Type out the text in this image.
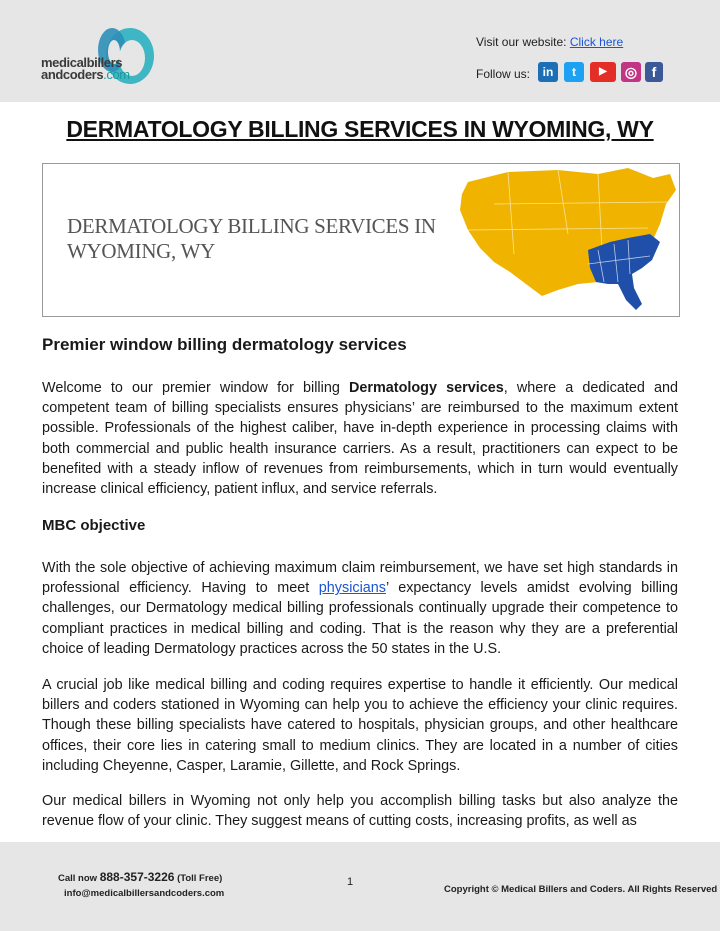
medicalbillers
andcoders.com
Visit our website: Click here
Follow us:	in	t	▶	◎	f
DERMATOLOGY BILLING SERVICES IN WYOMING, WY
DERMATOLOGY BILLING SERVICES IN
WYOMING, WY
Premier window billing dermatology services
Welcome to our premier window for billing Dermatology services, where a dedicated and competent team of billing specialists ensures physicians’ are reimbursed to the maximum extent possible. Professionals of the highest caliber, have in-depth experience in processing claims with both commercial and public health insurance carriers. As a result, practitioners can expect to be benefited with a steady inflow of revenues from reimbursements, which in turn would eventually increase clinical efficiency, patient influx, and service referrals.
MBC objective
With the sole objective of achieving maximum claim reimbursement, we have set high standards in professional efficiency. Having to meet physicians’ expectancy levels amidst evolving billing challenges, our Dermatology medical billing professionals continually upgrade their competence to compliant practices in medical billing and coding. That is the reason why they are a preferential choice of leading Dermatology practices across the 50 states in the U.S.
A crucial job like medical billing and coding requires expertise to handle it efficiently. Our medical billers and coders stationed in Wyoming can help you to achieve the efficiency your clinic requires. Though these billing specialists have catered to hospitals, physician groups, and other healthcare offices, their core lies in catering small to medium clinics. They are located in a number of cities including Cheyenne, Casper, Laramie, Gillette, and Rock Springs.
Our medical billers in Wyoming not only help you accomplish billing tasks but also analyze the revenue flow of your clinic. They suggest means of cutting costs, increasing profits, as well as
Call now 888-357-3226 (Toll Free)
info@medicalbillersandcoders.com
1
Copyright © Medical Billers and Coders. All Rights Reserved
